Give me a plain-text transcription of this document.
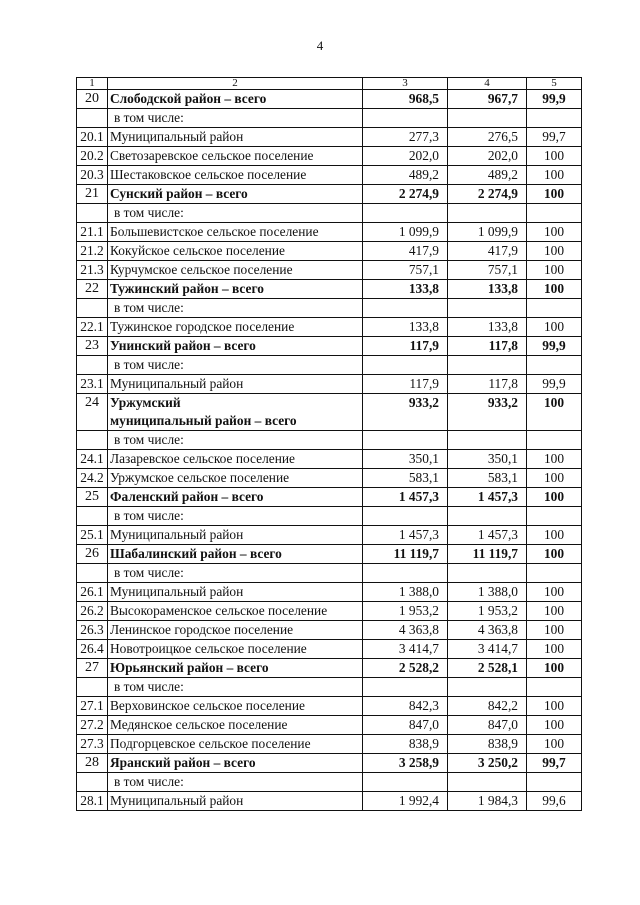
4
1	2	3	4	5
20	Слободской район – всего	968,5	967,7	99,9

	в том числе:			

20.1	Муниципальный район	277,3	276,5	99,7
20.2	Светозаревское сельское поселение	202,0	202,0	100
20.3	Шестаковское сельское поселение	489,2	489,2	100
21	Сунский район – всего	2 274,9	2 274,9	100

	в том числе:			

21.1	Большевистское сельское поселение	1 099,9	1 099,9	100
21.2	Кокуйское сельское поселение	417,9	417,9	100
21.3	Курчумское сельское поселение	757,1	757,1	100
22	Тужинский район – всего	133,8	133,8	100

	в том числе:			

22.1	Тужинское городское поселение	133,8	133,8	100
23	Унинский район – всего	117,9	117,8	99,9

	в том числе:			

23.1	Муниципальный район	117,9	117,8	99,9
24	Уржумский
муниципальный район – всего	933,2	933,2	100

	в том числе:			

24.1	Лазаревское сельское поселение	350,1	350,1	100
24.2	Уржумское сельское поселение	583,1	583,1	100
25	Фаленский район – всего	1 457,3	1 457,3	100

	в том числе:			

25.1	Муниципальный район	1 457,3	1 457,3	100
26	Шабалинский район – всего	11 119,7	11 119,7	100

	в том числе:			

26.1	Муниципальный район	1 388,0	1 388,0	100
26.2	Высокораменское сельское поселение	1 953,2	1 953,2	100
26.3	Ленинское городское поселение	4 363,8	4 363,8	100
26.4	Новотроицкое сельское поселение	3 414,7	3 414,7	100
27	Юрьянский район – всего	2 528,2	2 528,1	100

	в том числе:			

27.1	Верховинское сельское поселение	842,3	842,2	100
27.2	Медянское сельское поселение	847,0	847,0	100
27.3	Подгорцевское сельское поселение	838,9	838,9	100
28	Яранский район – всего	3 258,9	3 250,2	99,7

	в том числе:			

28.1	Муниципальный район	1 992,4	1 984,3	99,6
